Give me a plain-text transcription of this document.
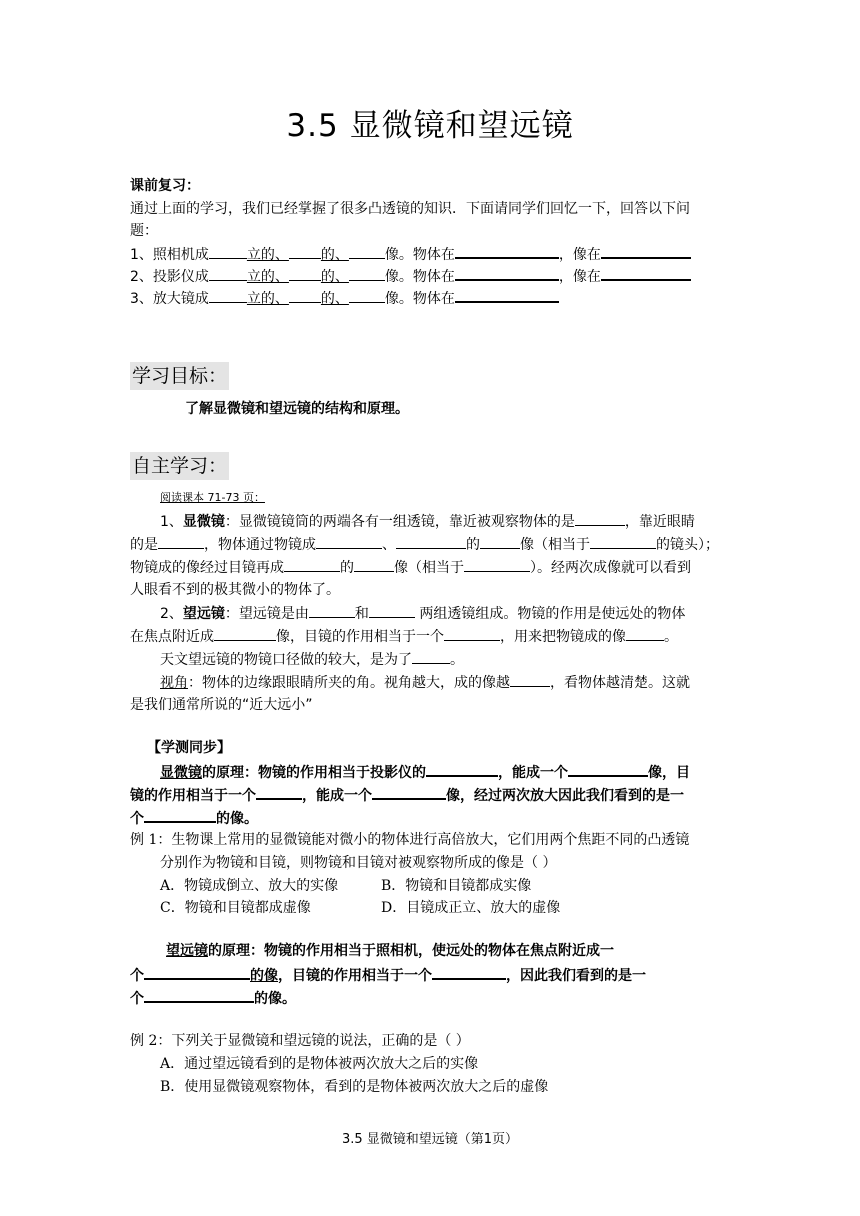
3.5 显微镜和望远镜
课前复习：
通过上面的学习，我们已经掌握了很多凸透镜的知识．下面请同学们回忆一下，回答以下问
题：
1、照相机成	立的、 的、	像。物体在	，像在
2、投影仪成	立的、 的、	像。物体在	，像在
3、放大镜成	立的、 的、	像。物体在
学习目标：
了解显微镜和望远镜的结构和原理。
自主学习：
阅读课本 71-73 页：
1、显微镜：显微镜镜筒的两端各有一组透镜，靠近被观察物体的是	，靠近眼睛
的是	，物体通过物镜成	、	的	像（相当于	的镜头）；
物镜成的像经过目镜再成	的	像（相当于	）。经两次成像就可以看到
人眼看不到的极其微小的物体了。
2、望远镜：望远镜是由	和	两组透镜组成。物镜的作用是使远处的物体
在焦点附近成	像，目镜的作用相当于一个	，用来把物镜成的像	。
天文望远镜的物镜口径做的较大，是为了	。
视角：物体的边缘跟眼睛所夹的角。视角越大，成的像越	，看物体越清楚。这就
是我们通常所说的“近大远小”
【学测同步】
显微镜的原理：物镜的作用相当于投影仪的	，能成一个	像，目
镜的作用相当于一个	，能成一个	像，经过两次放大因此我们看到的是一
个	的像。
例 1：生物课上常用的显微镜能对微小的物体进行高倍放大，它们用两个焦距不同的凸透镜
分别作为物镜和目镜，则物镜和目镜对被观察物所成的像是（ ）
A．物镜成倒立、放大的实像	B．物镜和目镜都成实像
C．物镜和目镜都成虚像	D．目镜成正立、放大的虚像
望远镜的原理：物镜的作用相当于照相机，使远处的物体在焦点附近成一
个	的像，目镜的作用相当于一个	，因此我们看到的是一
个	的像。
例 2：下列关于显微镜和望远镜的说法，正确的是（ ）
A．通过望远镜看到的是物体被两次放大之后的实像
B．使用显微镜观察物体，看到的是物体被两次放大之后的虚像
3.5 显微镜和望远镜（第1页）
